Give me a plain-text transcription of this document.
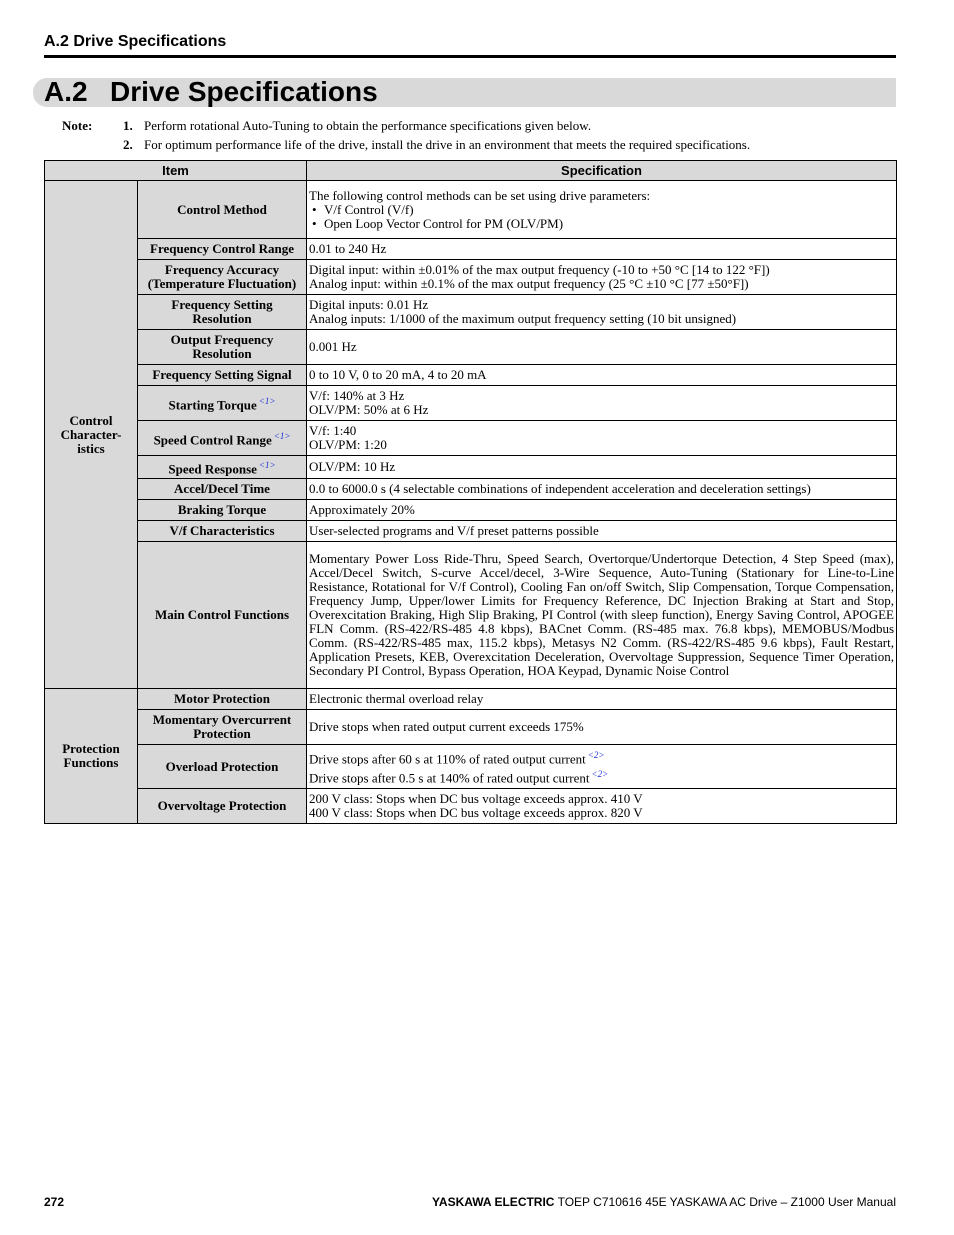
A.2 Drive Specifications
A.2 Drive Specifications
Note:	1. Perform rotational Auto-Tuning to obtain the performance specifications given below.
2. For optimum performance life of the drive, install the drive in an environment that meets the required specifications.
Item		Specification

Control
Character-
istics	Control Method	The following control methods can be set using drive parameters:
• V/f Control (V/f)
• Open Loop Vector Control for PM (OLV/PM)

	Frequency Control Range	0.01 to 240 Hz

	Frequency Accuracy
(Temperature Fluctuation)	Digital input: within ±0.01% of the max output frequency (-10 to +50 °C [14 to 122 °F])
Analog input: within ±0.1% of the max output frequency (25 °C ±10 °C [77 ±50°F])

	Frequency Setting
Resolution	Digital inputs: 0.01 Hz
Analog inputs: 1/1000 of the maximum output frequency setting (10 bit unsigned)

	Output Frequency
Resolution	0.001 Hz

	Frequency Setting Signal	0 to 10 V, 0 to 20 mA, 4 to 20 mA

	Starting Torque $^{<1>}$	V/f: 140% at 3 Hz
OLV/PM: 50% at 6 Hz

	Speed Control Range $^{<1>}$	V/f: 1:40
OLV/PM: 1:20

	Speed Response $^{<1>}$	OLV/PM: 10 Hz

	Accel/Decel Time	0.0 to 6000.0 s (4 selectable combinations of independent acceleration and deceleration settings)

	Braking Torque	Approximately 20%

	V/f Characteristics	User-selected programs and V/f preset patterns possible

	Main Control Functions	Momentary Power Loss Ride-Thru, Speed Search, Overtorque/Undertorque Detection, 4 Step Speed (max), Accel/Decel Switch, S-curve Accel/decel, 3-Wire Sequence, Auto-Tuning (Stationary for Line-to-Line Resistance, Rotational for V/f Control), Cooling Fan on/off Switch, Slip Compensation, Torque Compensation, Frequency Jump, Upper/lower Limits for Frequency Reference, DC Injection Braking at Start and Stop, Overexcitation Braking, High Slip Braking, PI Control (with sleep function), Energy Saving Control, APOGEE FLN Comm. (RS-422/RS-485 4.8 kbps), BACnet Comm. (RS-485 max. 76.8 kbps), MEMOBUS/Modbus Comm. (RS-422/RS-485 max, 115.2 kbps), Metasys N2 Comm. (RS-422/RS-485 9.6 kbps), Fault Restart, Application Presets, KEB, Overexcitation Deceleration, Overvoltage Suppression, Sequence Timer Operation, Secondary PI Control, Bypass Operation, HOA Keypad, Dynamic Noise Control

Protection
Functions	Motor Protection	Electronic thermal overload relay

	Momentary Overcurrent
Protection	Drive stops when rated output current exceeds 175%

	Overload Protection	Drive stops after 60 s at 110% of rated output current $^{<2>}$
Drive stops after 0.5 s at 140% of rated output current $^{<2>}$

	Overvoltage Protection	200 V class: Stops when DC bus voltage exceeds approx. 410 V
400 V class: Stops when DC bus voltage exceeds approx. 820 V
272	YASKAWA ELECTRIC TOEP C710616 45E YASKAWA AC Drive – Z1000 User Manual
